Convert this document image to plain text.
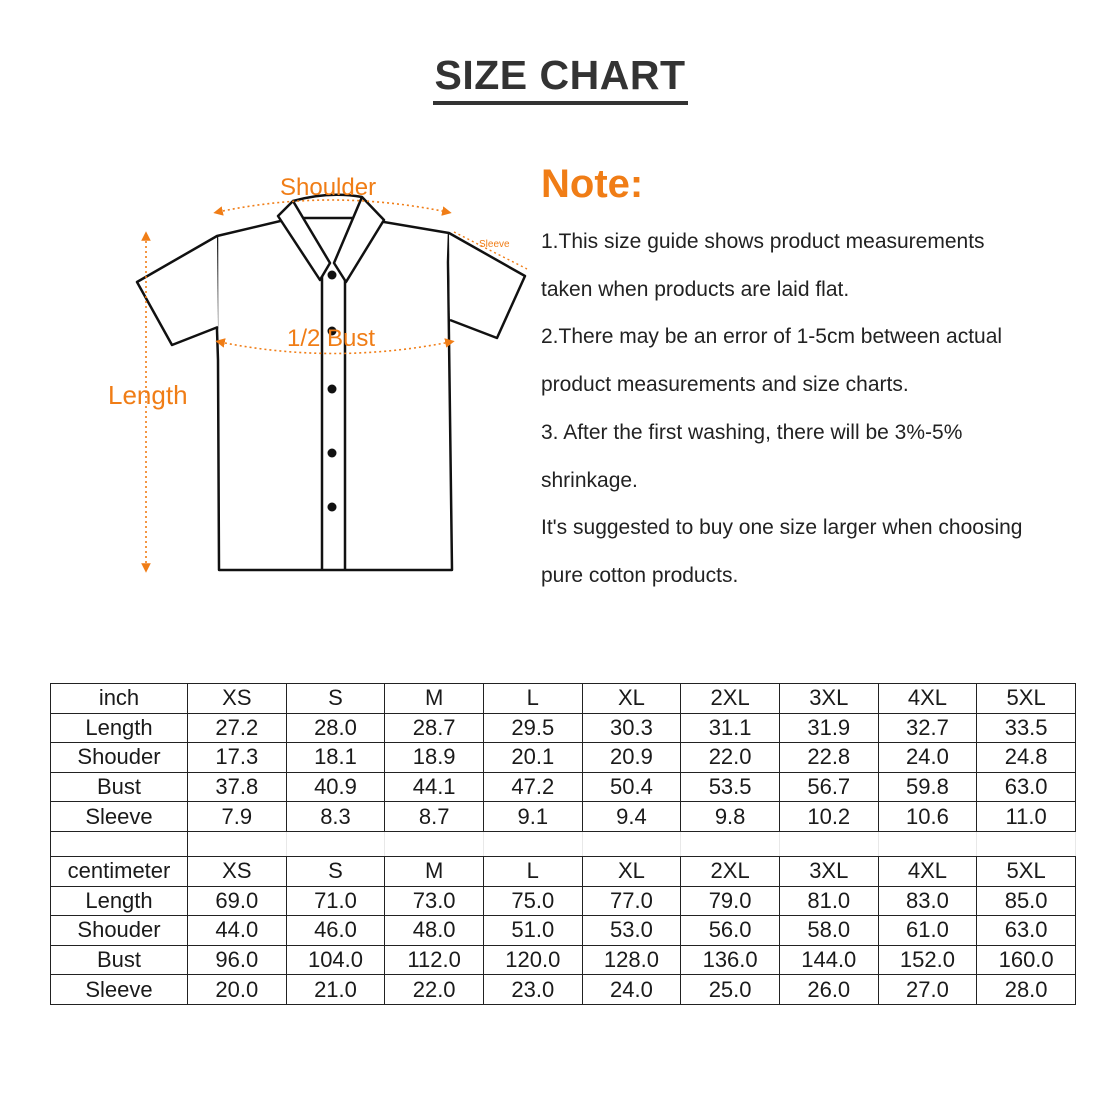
SIZE CHART
Shoulder
1/2 Bust
Length
Sleeve
Note:

1.This size guide shows product measurements

taken when products are laid flat.

2.There may be an error of 1-5cm between actual

product measurements and size charts.

3. After the first washing, there will be 3%-5%

shrinkage.

It's suggested to buy one size larger when choosing

pure cotton products.

inch	XS	S	M	L	XL	2XL	3XL	4XL	5XL
Length	27.2	28.0	28.7	29.5	30.3	31.1	31.9	32.7	33.5
Shouder	17.3	18.1	18.9	20.1	20.9	22.0	22.8	24.0	24.8
Bust	37.8	40.9	44.1	47.2	50.4	53.5	56.7	59.8	63.0
Sleeve	7.9	8.3	8.7	9.1	9.4	9.8	10.2	10.6	11.0

centimeter	XS	S	M	L	XL	2XL	3XL	4XL	5XL
Length	69.0	71.0	73.0	75.0	77.0	79.0	81.0	83.0	85.0
Shouder	44.0	46.0	48.0	51.0	53.0	56.0	58.0	61.0	63.0
Bust	96.0	104.0	112.0	120.0	128.0	136.0	144.0	152.0	160.0
Sleeve	20.0	21.0	22.0	23.0	24.0	25.0	26.0	27.0	28.0
